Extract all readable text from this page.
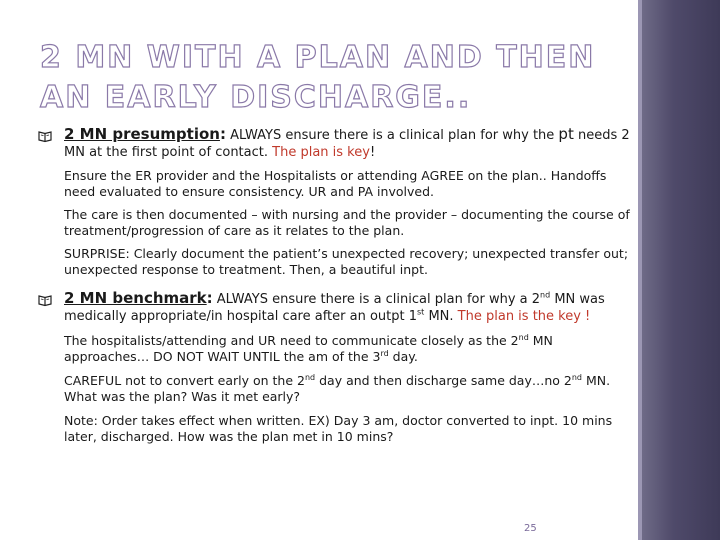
2 MN WITH A PLAN AND THEN AN EARLY DISCHARGE..
2 MN presumption: ALWAYS ensure there is a clinical plan for why the pt needs 2 MN at the first point of contact. The plan is key!
Ensure the ER provider and the Hospitalists or attending AGREE on the plan.. Handoffs need evaluated to ensure consistency. UR and PA involved.
The care is then documented – with nursing and the provider – documenting the course of treatment/progression of care as it relates to the plan.
SURPRISE: Clearly document the patient’s unexpected recovery; unexpected transfer out; unexpected response to treatment. Then, a beautiful inpt.
2 MN benchmark: ALWAYS ensure there is a clinical plan for why a 2nd MN was medically appropriate/in hospital care after an outpt 1st MN. The plan is the key !
The hospitalists/attending and UR need to communicate closely as the 2nd MN approaches… DO NOT WAIT UNTIL the am of the 3rd day.
CAREFUL not to convert early on the 2nd day and then discharge same day…no 2nd MN. What was the plan? Was it met early?
Note: Order takes effect when written. EX) Day 3 am, doctor converted to inpt. 10 mins later, discharged. How was the plan met in 10 mins?
25
